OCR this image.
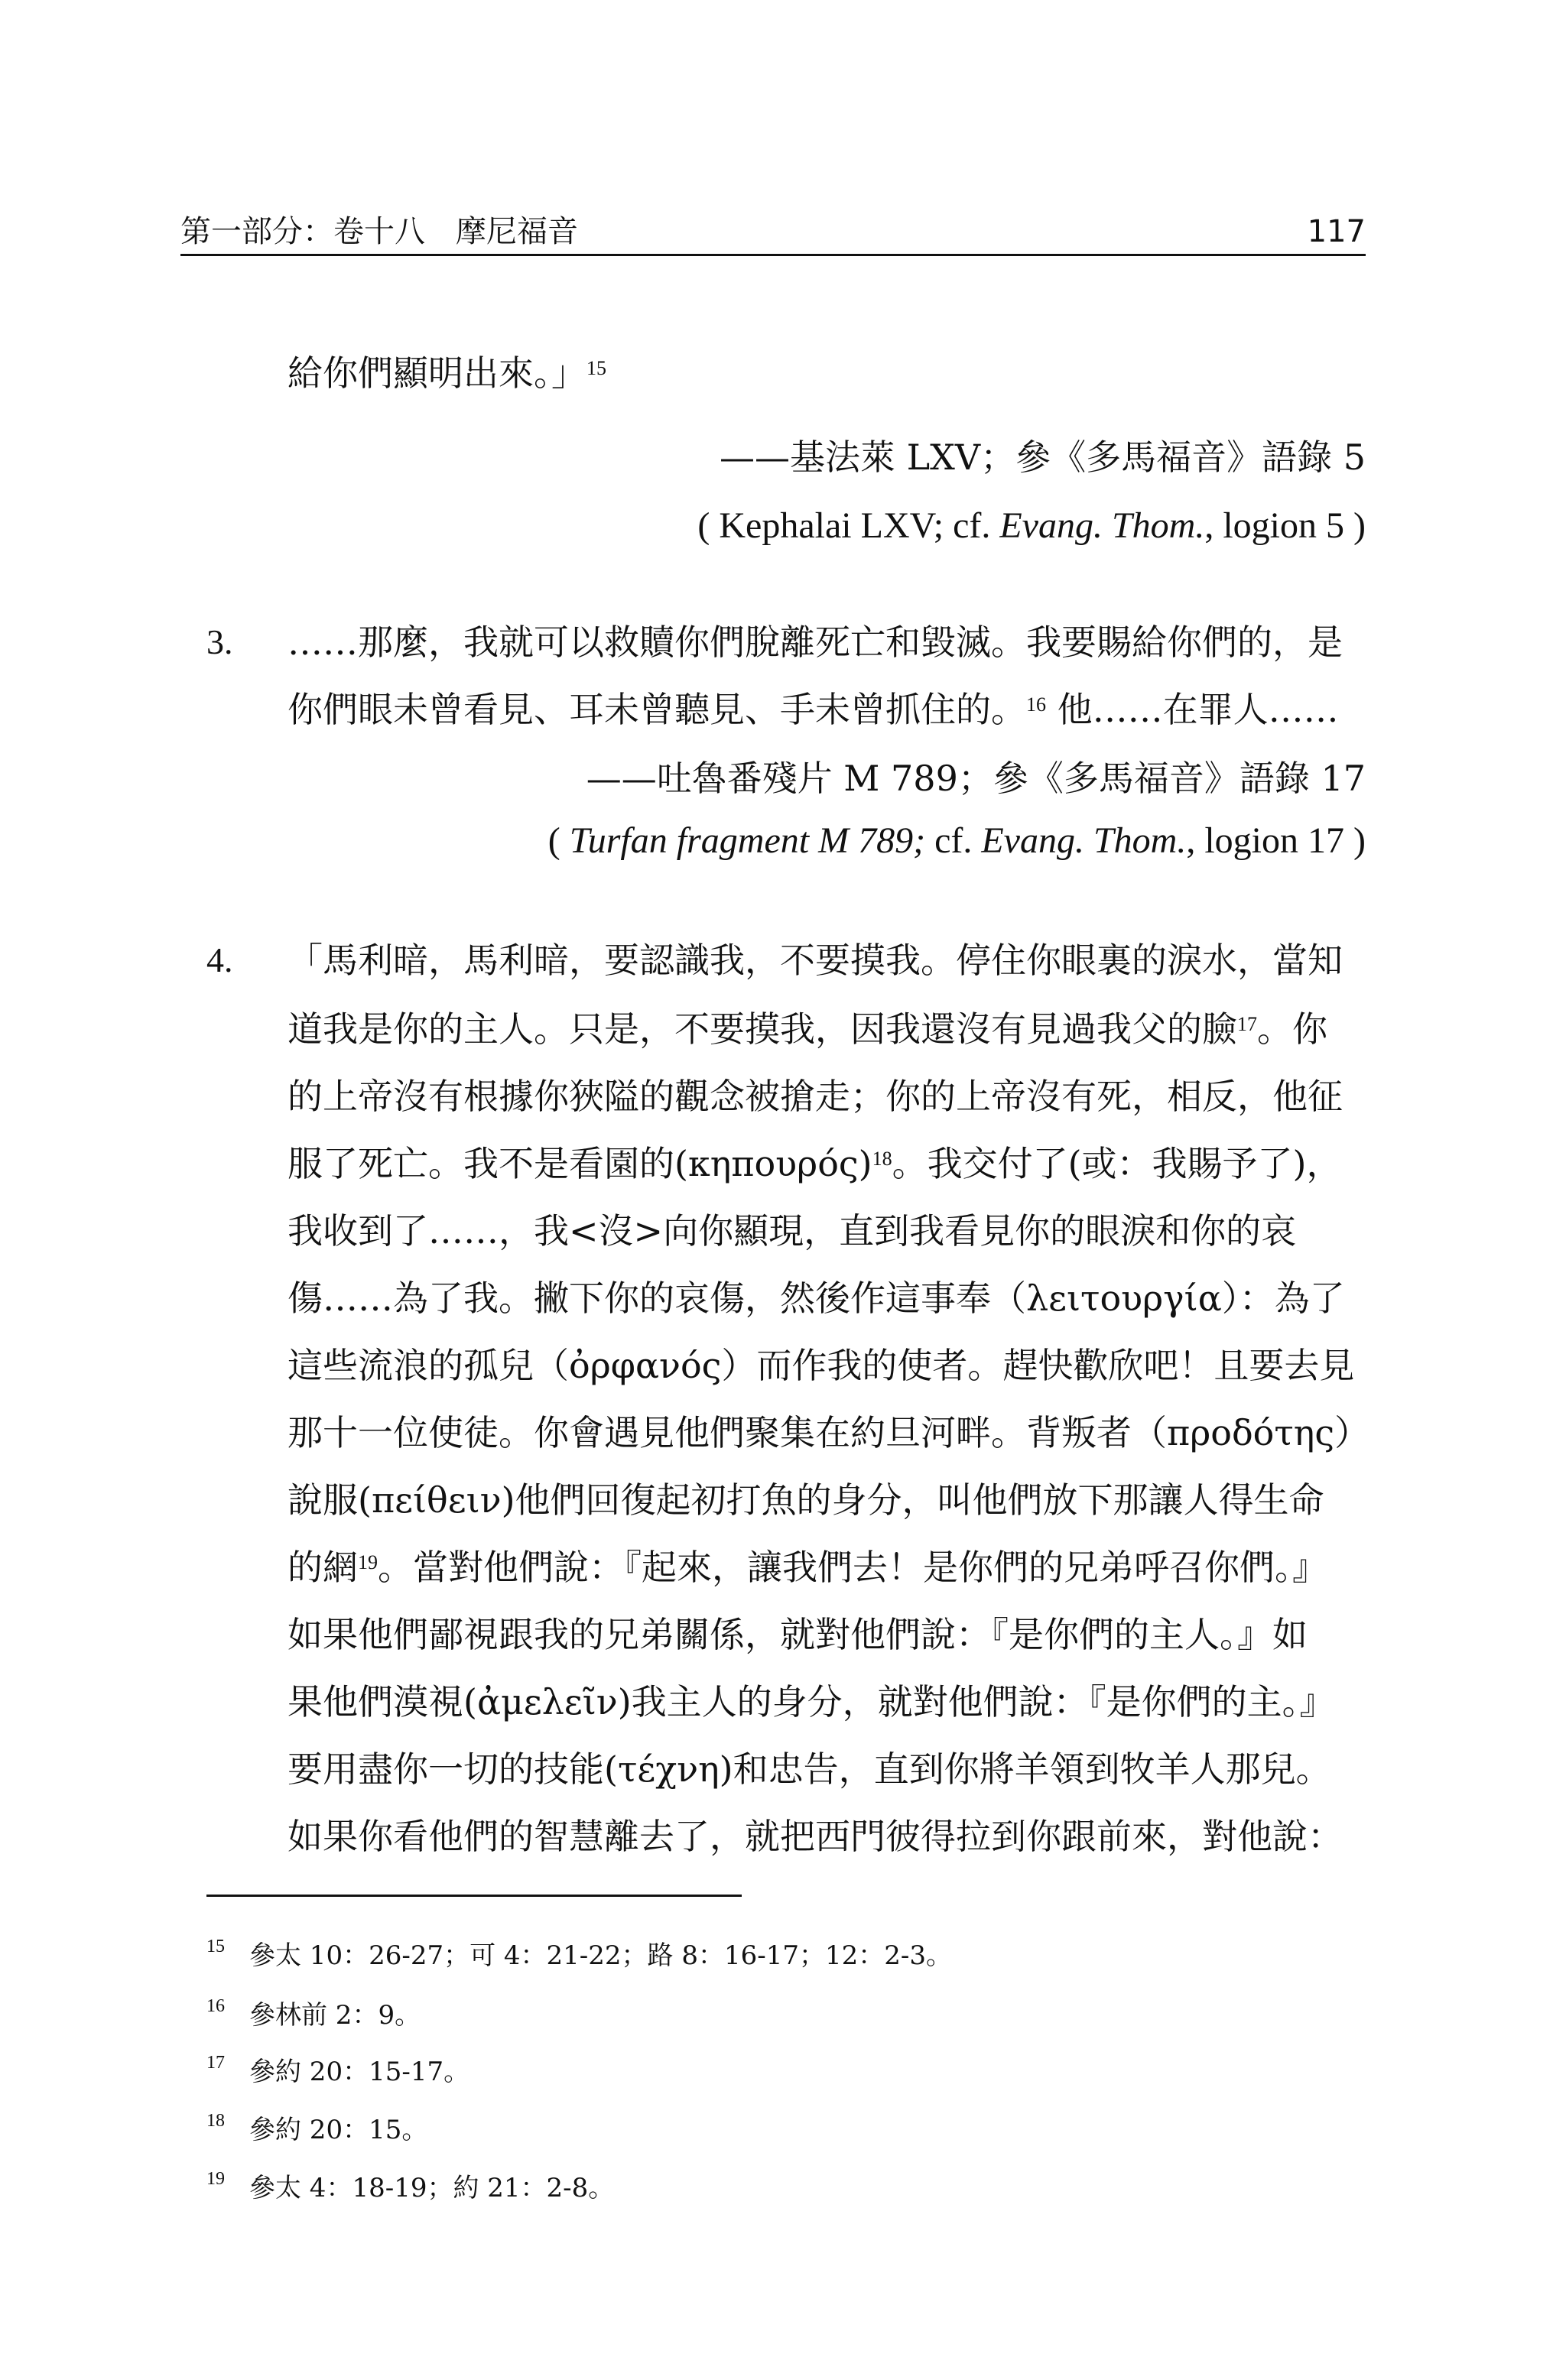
第一部分：卷十八　摩尼福音	117
給你們顯明出來。」$^{15}$
——基法萊 LXV；參《多馬福音》語錄 5
( Kephalai LXV; cf. Evang. Thom., logion 5 )
3. ……那麼，我就可以救贖你們脫離死亡和毀滅。我要賜給你們的，是
你們眼未曾看見、耳未曾聽見、手未曾抓住的。$^{16}$ 他……在罪人……
——吐魯番殘片 M 789；參《多馬福音》語錄 17
( Turfan fragment M 789; cf. Evang. Thom., logion 17 )
4. 「馬利暗，馬利暗，要認識我，不要摸我。停住你眼裏的淚水，當知
道我是你的主人。只是，不要摸我，因我還沒有見過我父的臉$^{17}$。你
的上帝沒有根據你狹隘的觀念被搶走；你的上帝沒有死，相反，他征
服了死亡。我不是看園的$(\kappa\eta\pi o\upsilon\rho ό\varsigma)^{18}$。我交付了(或：我賜予了)，
我收到了……，我<沒>向你顯現，直到我看見你的眼淚和你的哀
傷……為了我。撇下你的哀傷，然後作這事奉（λειτουργία）：為了
這些流浪的孤兒（ὀρφανός）而作我的使者。趕快歡欣吧！且要去見
那十一位使徒。你會遇見他們聚集在約旦河畔。背叛者（προδότης）
說服(πείθειν)他們回復起初打魚的身分，叫他們放下那讓人得生命
的網$^{19}$。當對他們說：『起來，讓我們去！是你們的兄弟呼召你們。』
如果他們鄙視跟我的兄弟關係，就對他們說：『是你們的主人。』如
果他們漠視(ἀμελεῖν)我主人的身分，就對他們說：『是你們的主。』
要用盡你一切的技能(τέχνη)和忠告，直到你將羊領到牧羊人那兒。
如果你看他們的智慧離去了，就把西門彼得拉到你跟前來，對他說：
15 參太 10：26-27；可 4：21-22；路 8：16-17；12：2-3。
16 參林前 2：9。
17 參約 20：15-17。
18 參約 20：15。
19 參太 4：18-19；約 21：2-8。
